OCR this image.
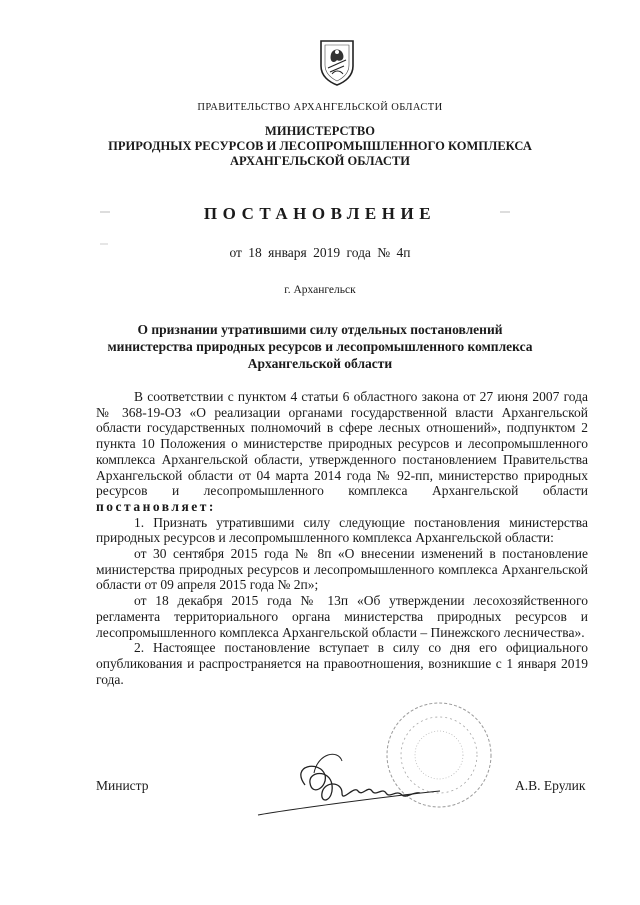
ПРАВИТЕЛЬСТВО АРХАНГЕЛЬСКОЙ ОБЛАСТИ
МИНИСТЕРСТВО
ПРИРОДНЫХ РЕСУРСОВ И ЛЕСОПРОМЫШЛЕННОГО КОМПЛЕКСА
АРХАНГЕЛЬСКОЙ ОБЛАСТИ
ПОСТАНОВЛЕНИЕ
от 18 января 2019 года № 4п
г. Архангельск
О признании утратившими силу отдельных постановлений
министерства природных ресурсов и лесопромышленного комплекса
Архангельской области

В соответствии с пунктом 4 статьи 6 областного закона от 27 июня 2007 года № 368-19-ОЗ «О реализации органами государственной власти Архангельской области государственных полномочий в сфере лесных отношений», подпунктом 2 пункта 10 Положения о министерстве природных ресурсов и лесопромышленного комплекса Архангельской области, утвержденного постановлением Правительства Архангельской области от 04 марта 2014 года № 92-пп, министерство природных ресурсов и лесопромышленного комплекса Архангельской области постановляет:

1. Признать утратившими силу следующие постановления министерства природных ресурсов и лесопромышленного комплекса Архангельской области:

от 30 сентября 2015 года № 8п «О внесении изменений в постановление министерства природных ресурсов и лесопромышленного комплекса Архангельской области от 09 апреля 2015 года № 2п»;

от 18 декабря 2015 года № 13п «Об утверждении лесохозяйственного регламента территориального органа министерства природных ресурсов и лесопромышленного комплекса Архангельской области – Пинежского лесничества».

2. Настоящее постановление вступает в силу со дня его официального опубликования и распространяется на правоотношения, возникшие с 1 января 2019 года.

Министр	А.В. Ерулик
